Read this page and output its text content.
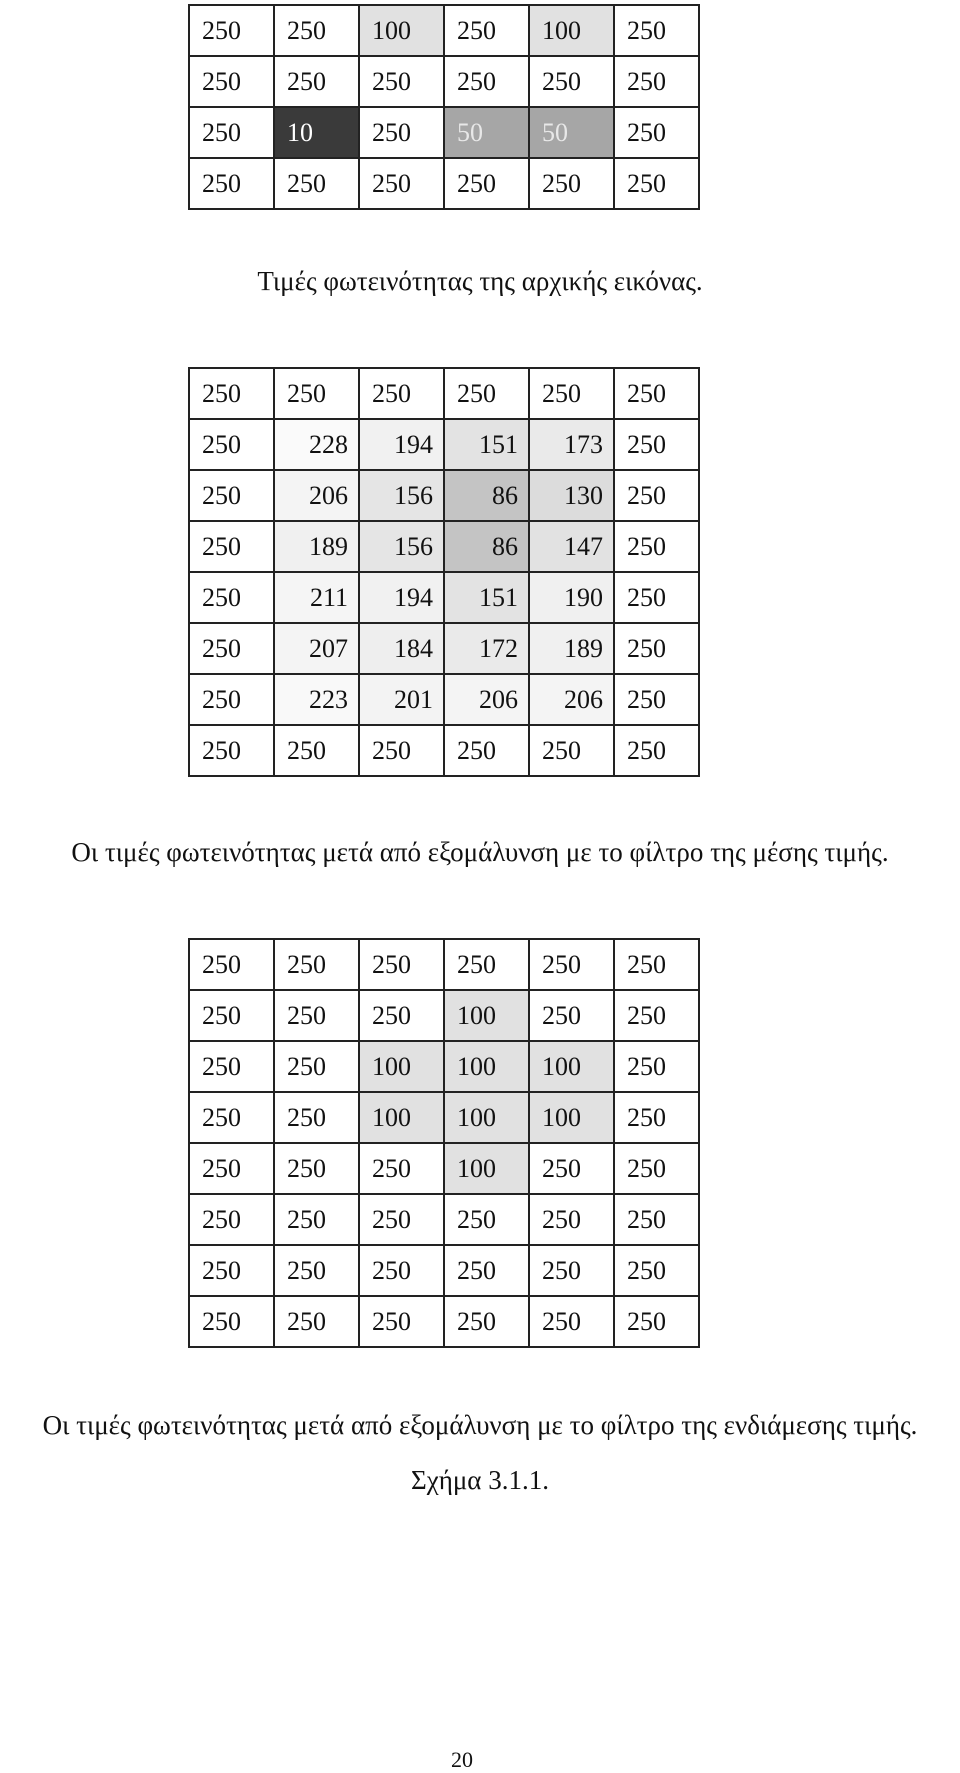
250	250	100	250	100	250

250	250	250	250	250	250

250	10	250	50	50	250

250	250	250	250	250	250
Τιμές φωτεινότητας της αρχικής εικόνας.
250	250	250	250	250	250

250	228	194	151	173	250

250	206	156	86	130	250

250	189	156	86	147	250

250	211	194	151	190	250

250	207	184	172	189	250

250	223	201	206	206	250

250	250	250	250	250	250
Οι τιμές φωτεινότητας μετά από εξομάλυνση με το φίλτρο της μέσης τιμής.
250	250	250	250	250	250

250	250	250	100	250	250

250	250	100	100	100	250

250	250	100	100	100	250

250	250	250	100	250	250

250	250	250	250	250	250

250	250	250	250	250	250

250	250	250	250	250	250
Οι τιμές φωτεινότητας μετά από εξομάλυνση με το φίλτρο της ενδιάμεσης τιμής.
Σχήμα 3.1.1.
20
